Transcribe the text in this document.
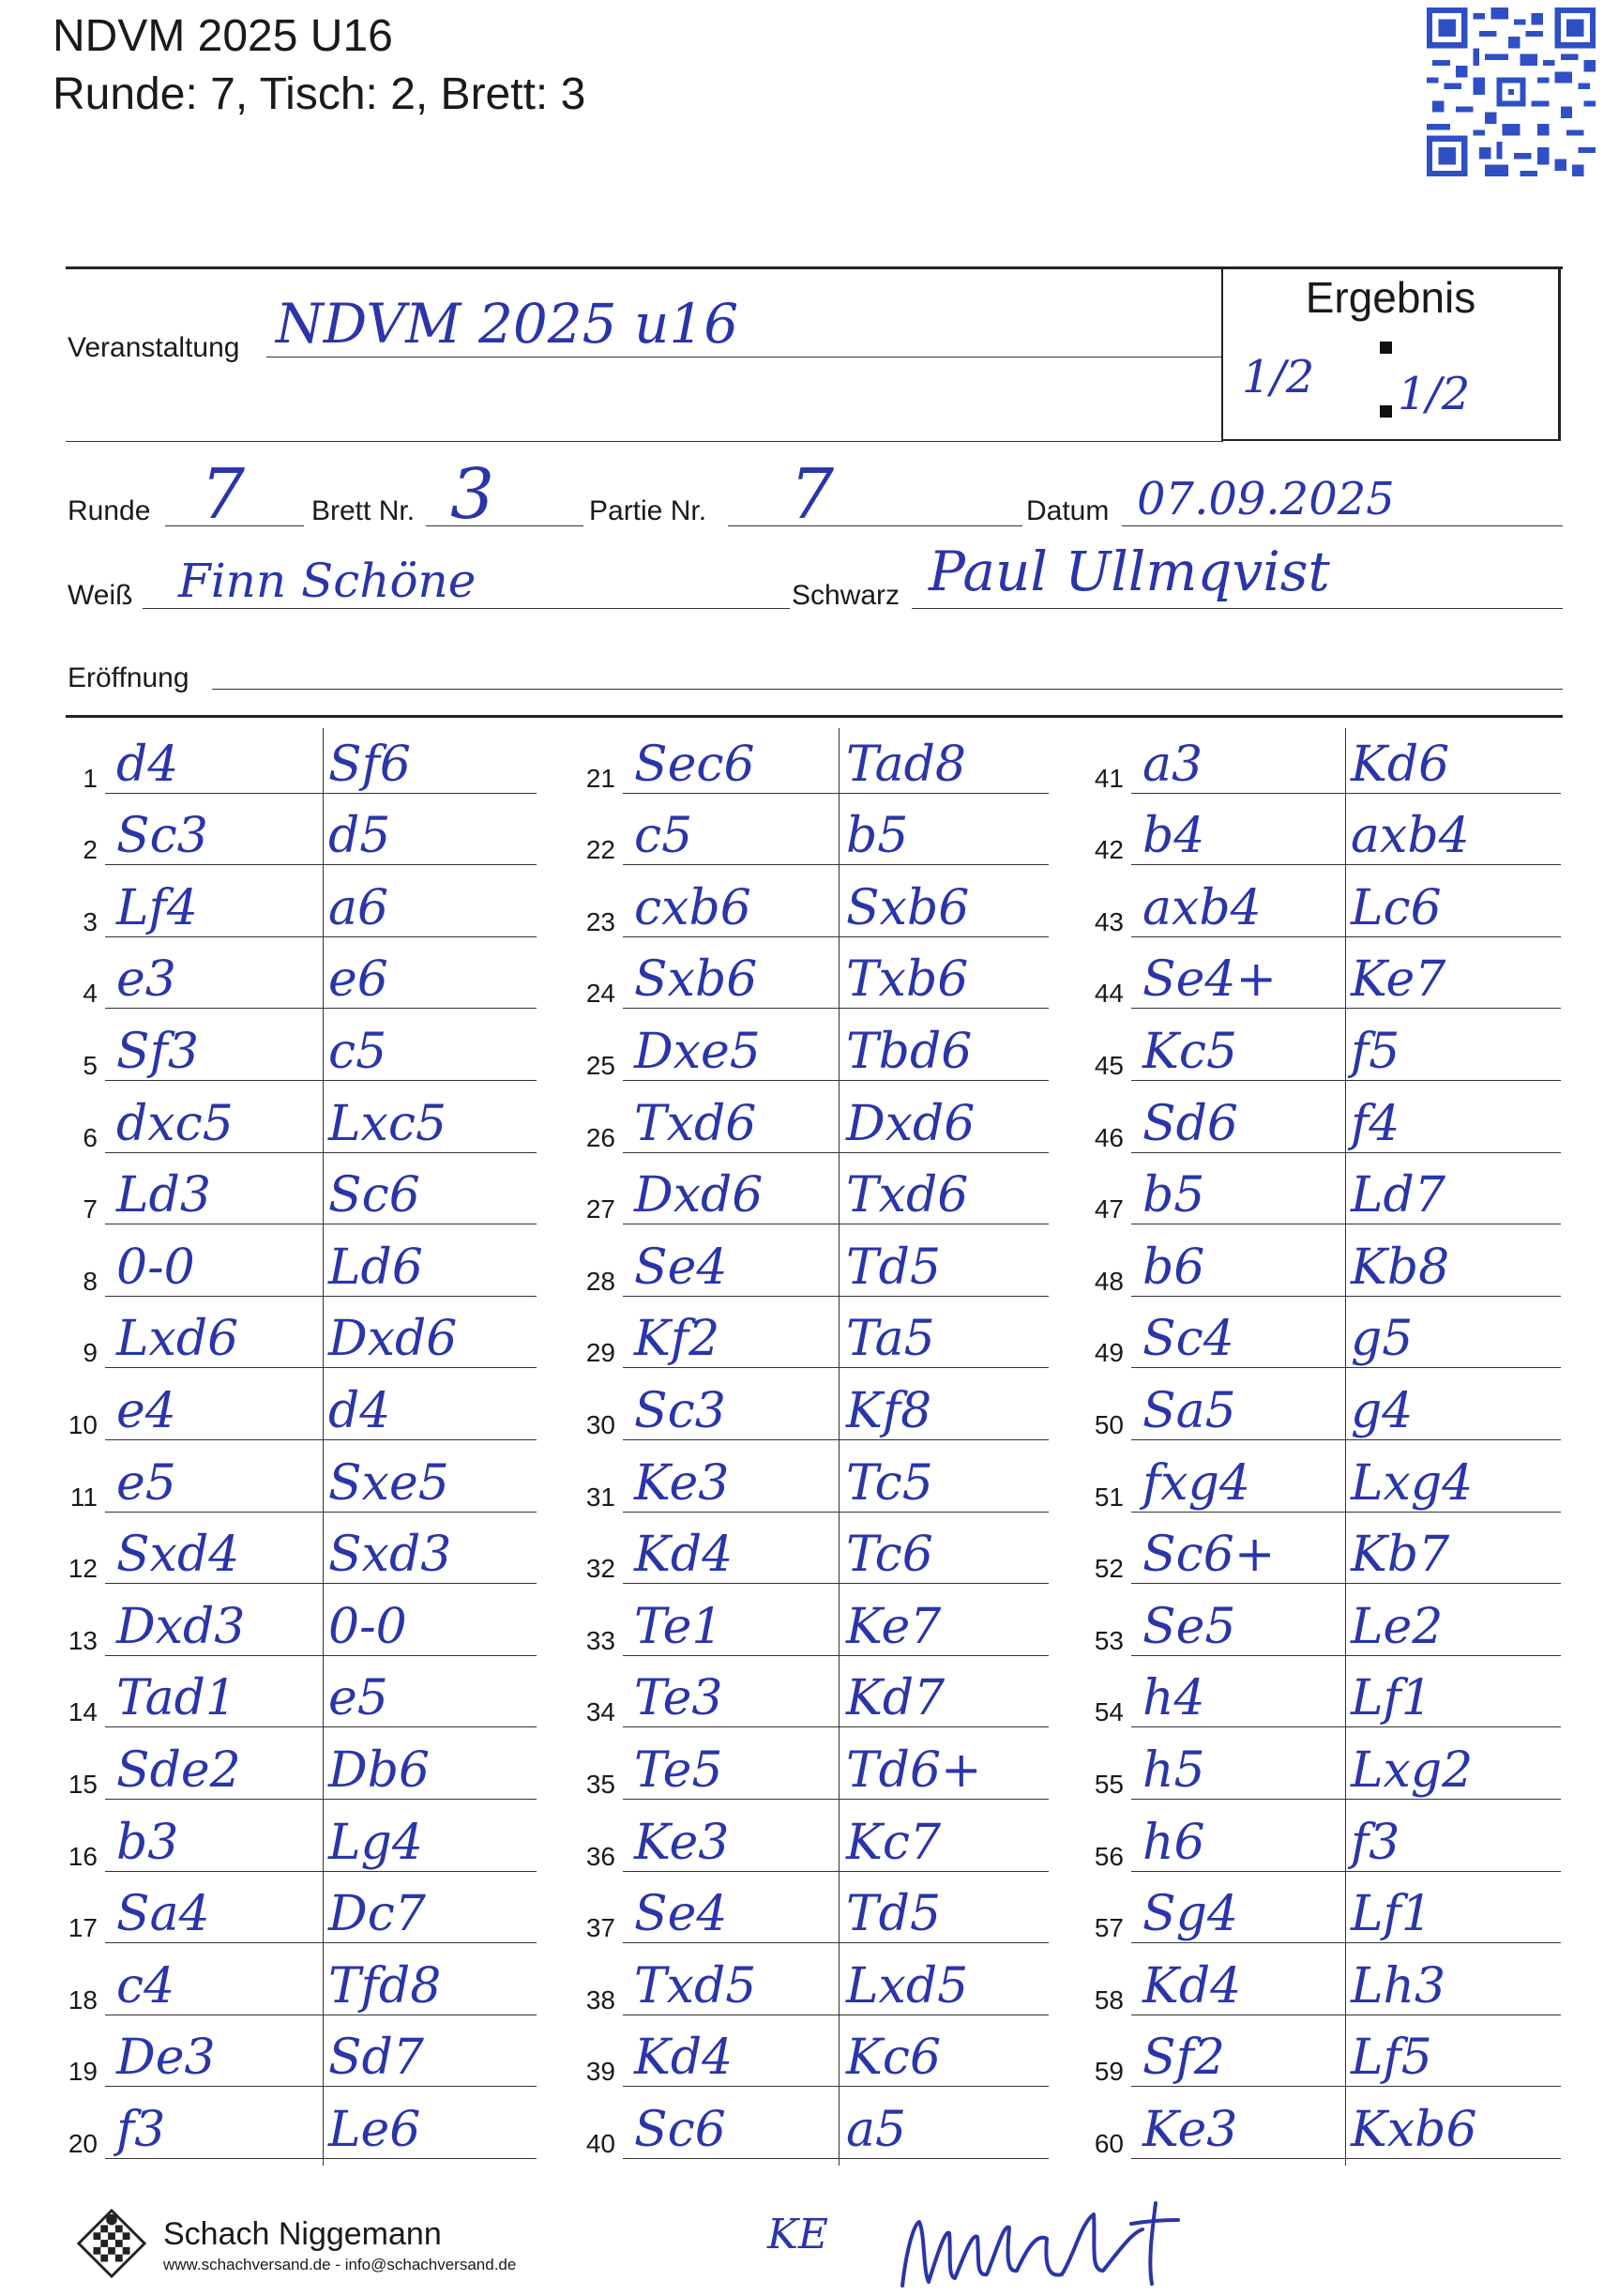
NDVM 2025 U16
Runde: 7, Tisch: 2, Brett: 3
Veranstaltung NDVM 2025 u16	Ergebnis
1/2 1/2
Runde 7 Brett Nr. 3	Partie Nr. 7	Datum 07.09.2025
Weiß Finn Schöne	Schwarz Paul Ullmqvist
Eröffnung
1 d4	Sf6
2 Sc3 d5
3 Lf4	a6
4 e3	e6
5 Sf3	c5
6 dxc5 Lxc5
7 Ld3 Sc6
8 0-0	Ld6
9 Lxd6 Dxd6
10 e4	d4
11 e5	Sxe5
12 Sxd4 Sxd3
13 Dxd3 0-0
14 Tad1 e5
15 Sde2 Db6
16 b3	Lg4
17 Sa4 Dc7
18 c4	Tfd8
19 De3 Sd7
20 f3	Le6
21 Sec6 Tad8
22 c5	b5
23 cxb6 Sxb6
24 Sxb6 Txb6
25 Dxe5 Tbd6
26 Txd6 Dxd6
27 Dxd6 Txd6
28 Se4 Td5
29 Kf2	Ta5
30 Sc3 Kf8
31 Ke3 Tc5
32 Kd4 Tc6
33 Te1	Ke7
34 Te3	Kd7
35 Te5	Td6+
36 Ke3 Kc7
37 Se4 Td5
38 Txd5 Lxd5
39 Kd4 Kc6
40 Sc6 a5
41 a3	Kd6
42 b4	axb4
43 axb4 Lc6
44 Se4+ Ke7
45 Kc5 f5
46 Sd6 f4
47 b5	Ld7
48 b6	Kb8
49 Sc4 g5
50 Sa5 g4
51 fxg4 Lxg4
52 Sc6+ Kb7
53 Se5 Le2
54 h4	Lf1
55 h5	Lxg2
56 h6	f3
57 Sg4 Lf1
58 Kd4 Lh3
59 Sf2	Lf5
60 Ke3 Kxb6
Schach Niggemann
www.schachversand.de - info@schachversand.de
KE
